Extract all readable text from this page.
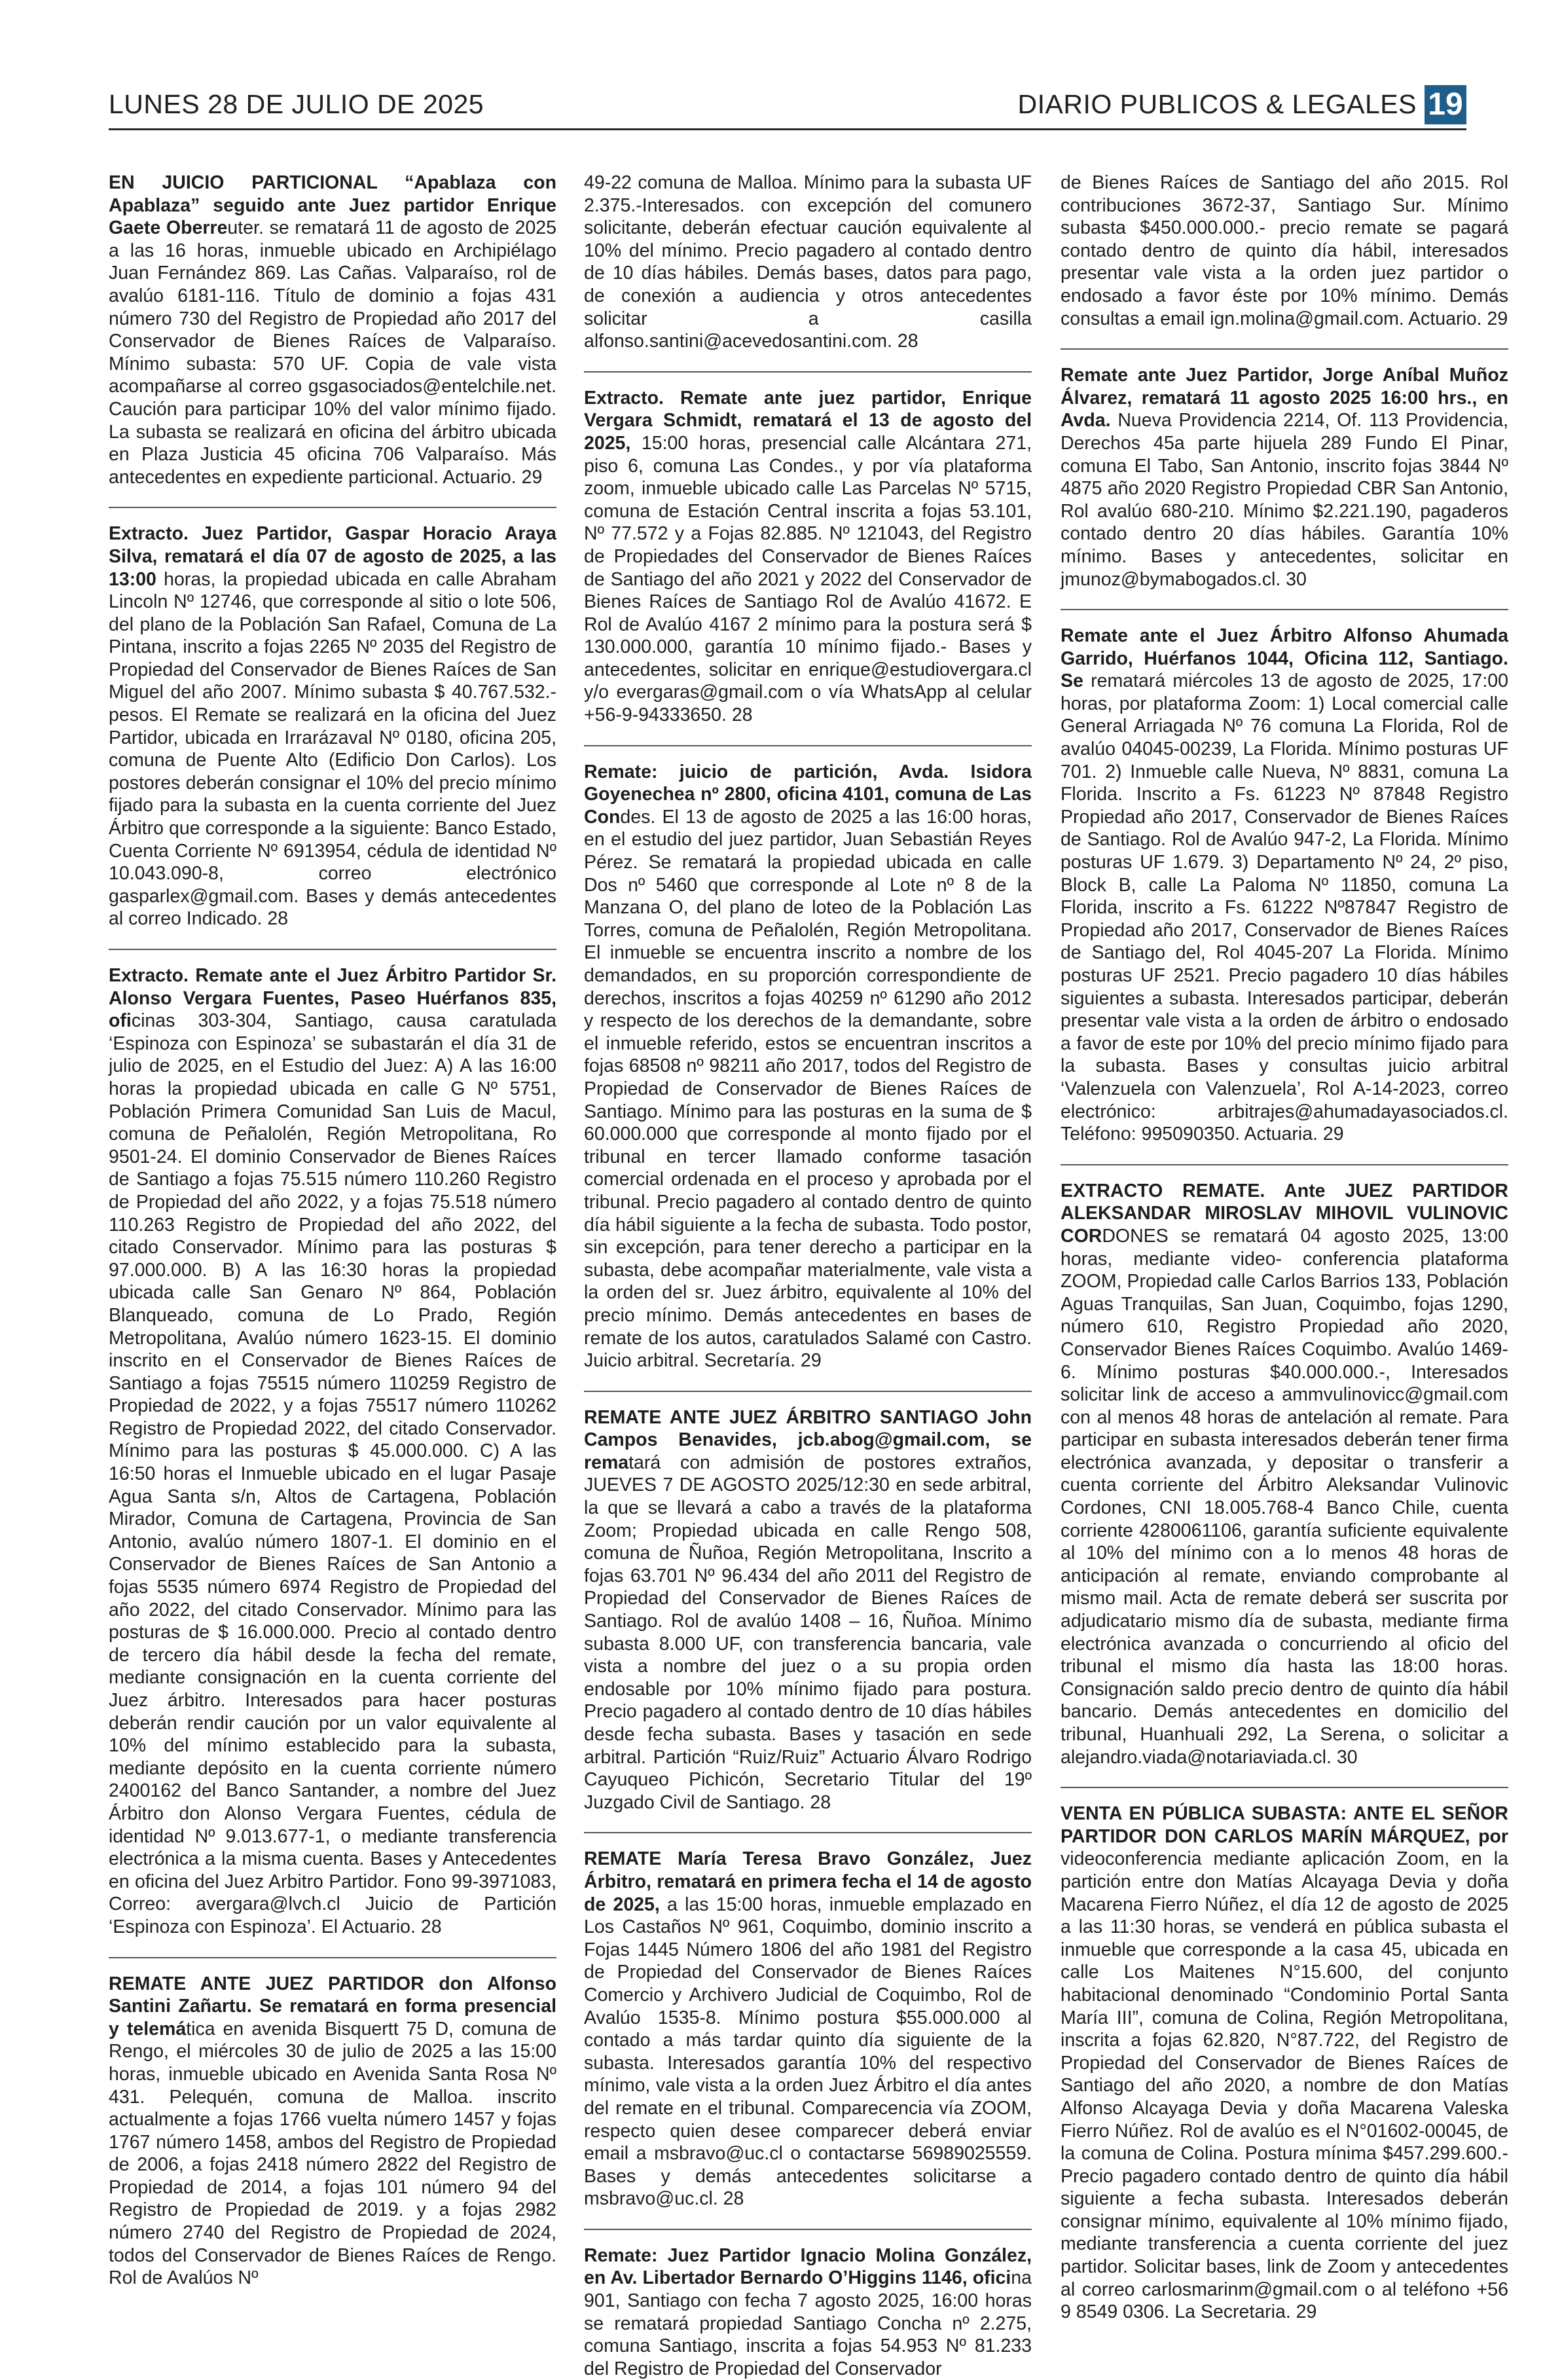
LUNES 28 DE JULIO DE 2025	DIARIO PUBLICOS & LEGALES 19

EN JUICIO PARTICIONAL “Apablaza con Apablaza” seguido ante Juez partidor Enrique Gaete Oberreuter. se rematará 11 de agosto de 2025 a las 16 horas, inmueble ubicado en Archipiélago Juan Fernández 869. Las Cañas. Valparaíso, rol de avalúo 6181-116. Título de dominio a fojas 431 número 730 del Registro de Propiedad año 2017 del Conservador de Bienes Raíces de Valparaíso. Mínimo subasta: 570 UF. Copia de vale vista acompañarse al correo gsgasociados@entelchile.net. Caución para participar 10% del valor mínimo fijado. La subasta se realizará en oficina del árbitro ubicada en Plaza Justicia 45 oficina 706 Valparaíso. Más antecedentes en expediente particional. Actuario. 29

Extracto. Juez Partidor, Gaspar Horacio Araya Silva, rematará el día 07 de agosto de 2025, a las 13:00 horas, la propiedad ubicada en calle Abraham Lincoln Nº 12746, que corresponde al sitio o lote 506, del plano de la Población San Rafael, Comuna de La Pintana, inscrito a fojas 2265 Nº 2035 del Registro de Propiedad del Conservador de Bienes Raíces de San Miguel del año 2007. Mínimo subasta $ 40.767.532.- pesos. El Remate se realizará en la oficina del Juez Partidor, ubicada en Irrarázaval Nº 0180, oficina 205, comuna de Puente Alto (Edificio Don Carlos). Los postores deberán consignar el 10% del precio mínimo fijado para la subasta en la cuenta corriente del Juez Árbitro que corresponde a la siguiente: Banco Estado, Cuenta Corriente Nº 6913954, cédula de identidad Nº 10.043.090-8, correo electrónico gasparlex@gmail.com. Bases y demás antecedentes al correo Indicado. 28

Extracto. Remate ante el Juez Árbitro Partidor Sr. Alonso Vergara Fuentes, Paseo Huérfanos 835, oficinas 303-304, Santiago, causa caratulada ‘Espinoza con Espinoza’ se subastarán el día 31 de julio de 2025, en el Estudio del Juez: A) A las 16:00 horas la propiedad ubicada en calle G Nº 5751, Población Primera Comunidad San Luis de Macul, comuna de Peñalolén, Región Metropolitana, Ro 9501-24. El dominio Conservador de Bienes Raíces de Santiago a fojas 75.515 número 110.260 Registro de Propiedad del año 2022, y a fojas 75.518 número 110.263 Registro de Propiedad del año 2022, del citado Conservador. Mínimo para las posturas $ 97.000.000. B) A las 16:30 horas la propiedad ubicada calle San Genaro Nº 864, Población Blanqueado, comuna de Lo Prado, Región Metropolitana, Avalúo número 1623-15. El dominio inscrito en el Conservador de Bienes Raíces de Santiago a fojas 75515 número 110259 Registro de Propiedad de 2022, y a fojas 75517 número 110262 Registro de Propiedad 2022, del citado Conservador. Mínimo para las posturas $ 45.000.000. C) A las 16:50 horas el Inmueble ubicado en el lugar Pasaje Agua Santa s/n, Altos de Cartagena, Población Mirador, Comuna de Cartagena, Provincia de San Antonio, avalúo número 1807-1. El dominio en el Conservador de Bienes Raíces de San Antonio a fojas 5535 número 6974 Registro de Propiedad del año 2022, del citado Conservador. Mínimo para las posturas de $ 16.000.000. Precio al contado dentro de tercero día hábil desde la fecha del remate, mediante consignación en la cuenta corriente del Juez árbitro. Interesados para hacer posturas deberán rendir caución por un valor equivalente al 10% del mínimo establecido para la subasta, mediante depósito en la cuenta corriente número 2400162 del Banco Santander, a nombre del Juez Árbitro don Alonso Vergara Fuentes, cédula de identidad Nº 9.013.677-1, o mediante transferencia electrónica a la misma cuenta. Bases y Antecedentes en oficina del Juez Arbitro Partidor. Fono 99-3971083, Correo: avergara@lvch.cl Juicio de Partición ‘Espinoza con Espinoza’. El Actuario. 28

REMATE ANTE JUEZ PARTIDOR don Alfonso Santini Zañartu. Se rematará en forma presencial y telemática en avenida Bisquertt 75 D, comuna de Rengo, el miércoles 30 de julio de 2025 a las 15:00 horas, inmueble ubicado en Avenida Santa Rosa Nº 431. Pelequén, comuna de Malloa. inscrito actualmente a fojas 1766 vuelta número 1457 y fojas 1767 número 1458, ambos del Registro de Propiedad de 2006, a fojas 2418 número 2822 del Registro de Propiedad de 2014, a fojas 101 número 94 del Registro de Propiedad de 2019. y a fojas 2982 número 2740 del Registro de Propiedad de 2024, todos del Conservador de Bienes Raíces de Rengo. Rol de Avalúos Nº

49-22 comuna de Malloa. Mínimo para la subasta UF 2.375.-Interesados. con excepción del comunero solicitante, deberán efectuar caución equivalente al 10% del mínimo. Precio pagadero al contado dentro de 10 días hábiles. Demás bases, datos para pago, de conexión a audiencia y otros antecedentes solicitar a casilla alfonso.santini@acevedosantini.com. 28

Extracto. Remate ante juez partidor, Enrique Vergara Schmidt, rematará el 13 de agosto del 2025, 15:00 horas, presencial calle Alcántara 271, piso 6, comuna Las Condes., y por vía plataforma zoom, inmueble ubicado calle Las Parcelas Nº 5715, comuna de Estación Central inscrita a fojas 53.101, Nº 77.572 y a Fojas 82.885. Nº 121043, del Registro de Propiedades del Conservador de Bienes Raíces de Santiago del año 2021 y 2022 del Conservador de Bienes Raíces de Santiago Rol de Avalúo 41672. E Rol de Avalúo 4167 2 mínimo para la postura será $ 130.000.000, garantía 10 mínimo fijado.- Bases y antecedentes, solicitar en enrique@estudiovergara.cl y/o evergaras@gmail.com o vía WhatsApp al celular +56-9-94333650. 28

Remate: juicio de partición, Avda. Isidora Goyenechea nº 2800, oficina 4101, comuna de Las Condes. El 13 de agosto de 2025 a las 16:00 horas, en el estudio del juez partidor, Juan Sebastián Reyes Pérez. Se rematará la propiedad ubicada en calle Dos nº 5460 que corresponde al Lote nº 8 de la Manzana O, del plano de loteo de la Población Las Torres, comuna de Peñalolén, Región Metropolitana. El inmueble se encuentra inscrito a nombre de los demandados, en su proporción correspondiente de derechos, inscritos a fojas 40259 nº 61290 año 2012 y respecto de los derechos de la demandante, sobre el inmueble referido, estos se encuentran inscritos a fojas 68508 nº 98211 año 2017, todos del Registro de Propiedad de Conservador de Bienes Raíces de Santiago. Mínimo para las posturas en la suma de $ 60.000.000 que corresponde al monto fijado por el tribunal en tercer llamado conforme tasación comercial ordenada en el proceso y aprobada por el tribunal. Precio pagadero al contado dentro de quinto día hábil siguiente a la fecha de subasta. Todo postor, sin excepción, para tener derecho a participar en la subasta, debe acompañar materialmente, vale vista a la orden del sr. Juez árbitro, equivalente al 10% del precio mínimo. Demás antecedentes en bases de remate de los autos, caratulados Salamé con Castro. Juicio arbitral. Secretaría. 29

REMATE ANTE JUEZ ÁRBITRO SANTIAGO John Campos Benavides, jcb.abog@gmail.com, se rematará con admisión de postores extraños, JUEVES 7 DE AGOSTO 2025/12:30 en sede arbitral, la que se llevará a cabo a través de la plataforma Zoom; Propiedad ubicada en calle Rengo 508, comuna de Ñuñoa, Región Metropolitana, Inscrito a fojas 63.701 Nº 96.434 del año 2011 del Registro de Propiedad del Conservador de Bienes Raíces de Santiago. Rol de avalúo 1408 – 16, Ñuñoa. Mínimo subasta 8.000 UF, con transferencia bancaria, vale vista a nombre del juez o a su propia orden endosable por 10% mínimo fijado para postura. Precio pagadero al contado dentro de 10 días hábiles desde fecha subasta. Bases y tasación en sede arbitral. Partición “Ruiz/Ruiz” Actuario Álvaro Rodrigo Cayuqueo Pichicón, Secretario Titular del 19º Juzgado Civil de Santiago. 28

REMATE María Teresa Bravo González, Juez Árbitro, rematará en primera fecha el 14 de agosto de 2025, a las 15:00 horas, inmueble emplazado en Los Castaños Nº 961, Coquimbo, dominio inscrito a Fojas 1445 Número 1806 del año 1981 del Registro de Propiedad del Conservador de Bienes Raíces Comercio y Archivero Judicial de Coquimbo, Rol de Avalúo 1535-8. Mínimo postura $55.000.000 al contado a más tardar quinto día siguiente de la subasta. Interesados garantía 10% del respectivo mínimo, vale vista a la orden Juez Árbitro el día antes del remate en el tribunal. Comparecencia vía ZOOM, respecto quien desee comparecer deberá enviar email a msbravo@uc.cl o contactarse 56989025559. Bases y demás antecedentes solicitarse a msbravo@uc.cl. 28

Remate: Juez Partidor Ignacio Molina González, en Av. Libertador Bernardo O’Higgins 1146, oficina 901, Santiago con fecha 7 agosto 2025, 16:00 horas se rematará propiedad Santiago Concha nº 2.275, comuna Santiago, inscrita a fojas 54.953 Nº 81.233 del Registro de Propiedad del Conservador

de Bienes Raíces de Santiago del año 2015. Rol contribuciones 3672-37, Santiago Sur. Mínimo subasta $450.000.000.- precio remate se pagará contado dentro de quinto día hábil, interesados presentar vale vista a la orden juez partidor o endosado a favor éste por 10% mínimo. Demás consultas a email ign.molina@gmail.com. Actuario. 29

Remate ante Juez Partidor, Jorge Aníbal Muñoz Álvarez, rematará 11 agosto 2025 16:00 hrs., en Avda. Nueva Providencia 2214, Of. 113 Providencia, Derechos 45a parte hijuela 289 Fundo El Pinar, comuna El Tabo, San Antonio, inscrito fojas 3844 Nº 4875 año 2020 Registro Propiedad CBR San Antonio, Rol avalúo 680-210. Mínimo $2.221.190, pagaderos contado dentro 20 días hábiles. Garantía 10% mínimo. Bases y antecedentes, solicitar en jmunoz@bymabogados.cl. 30

Remate ante el Juez Árbitro Alfonso Ahumada Garrido, Huérfanos 1044, Oficina 112, Santiago. Se rematará miércoles 13 de agosto de 2025, 17:00 horas, por plataforma Zoom: 1) Local comercial calle General Arriagada Nº 76 comuna La Florida, Rol de avalúo 04045-00239, La Florida. Mínimo posturas UF 701. 2) Inmueble calle Nueva, Nº 8831, comuna La Florida. Inscrito a Fs. 61223 Nº 87848 Registro Propiedad año 2017, Conservador de Bienes Raíces de Santiago. Rol de Avalúo 947-2, La Florida. Mínimo posturas UF 1.679. 3) Departamento Nº 24, 2º piso, Block B, calle La Paloma Nº 11850, comuna La Florida, inscrito a Fs. 61222 Nº87847 Registro de Propiedad año 2017, Conservador de Bienes Raíces de Santiago del, Rol 4045-207 La Florida. Mínimo posturas UF 2521. Precio pagadero 10 días hábiles siguientes a subasta. Interesados participar, deberán presentar vale vista a la orden de árbitro o endosado a favor de este por 10% del precio mínimo fijado para la subasta. Bases y consultas juicio arbitral ‘Valenzuela con Valenzuela’, Rol A-14-2023, correo electrónico: arbitrajes@ahumadayasociados.cl. Teléfono: 995090350. Actuaria. 29

EXTRACTO REMATE. Ante JUEZ PARTIDOR ALEKSANDAR MIROSLAV MIHOVIL VULINOVIC CORDONES se rematará 04 agosto 2025, 13:00 horas, mediante video- conferencia plataforma ZOOM, Propiedad calle Carlos Barrios 133, Población Aguas Tranquilas, San Juan, Coquimbo, fojas 1290, número 610, Registro Propiedad año 2020, Conservador Bienes Raíces Coquimbo. Avalúo 1469-6. Mínimo posturas $40.000.000.-, Interesados solicitar link de acceso a ammvulinovicc@gmail.com con al menos 48 horas de antelación al remate. Para participar en subasta interesados deberán tener firma electrónica avanzada, y depositar o transferir a cuenta corriente del Árbitro Aleksandar Vulinovic Cordones, CNI 18.005.768-4 Banco Chile, cuenta corriente 4280061106, garantía suficiente equivalente al 10% del mínimo con a lo menos 48 horas de anticipación al remate, enviando comprobante al mismo mail. Acta de remate deberá ser suscrita por adjudicatario mismo día de subasta, mediante firma electrónica avanzada o concurriendo al oficio del tribunal el mismo día hasta las 18:00 horas. Consignación saldo precio dentro de quinto día hábil bancario. Demás antecedentes en domicilio del tribunal, Huanhuali 292, La Serena, o solicitar a alejandro.viada@notariaviada.cl. 30

VENTA EN PÚBLICA SUBASTA: ANTE EL SEÑOR PARTIDOR DON CARLOS MARÍN MÁRQUEZ, por videoconferencia mediante aplicación Zoom, en la partición entre don Matías Alcayaga Devia y doña Macarena Fierro Núñez, el día 12 de agosto de 2025 a las 11:30 horas, se venderá en pública subasta el inmueble que corresponde a la casa 45, ubicada en calle Los Maitenes N°15.600, del conjunto habitacional denominado “Condominio Portal Santa María III”, comuna de Colina, Región Metropolitana, inscrita a fojas 62.820, N°87.722, del Registro de Propiedad del Conservador de Bienes Raíces de Santiago del año 2020, a nombre de don Matías Alfonso Alcayaga Devia y doña Macarena Valeska Fierro Núñez. Rol de avalúo es el N°01602-00045, de la comuna de Colina. Postura mínima $457.299.600.- Precio pagadero contado dentro de quinto día hábil siguiente a fecha subasta. Interesados deberán consignar mínimo, equivalente al 10% mínimo fijado, mediante transferencia a cuenta corriente del juez partidor. Solicitar bases, link de Zoom y antecedentes al correo carlosmarinm@gmail.com o al teléfono +56 9 8549 0306. La Secretaria. 29
